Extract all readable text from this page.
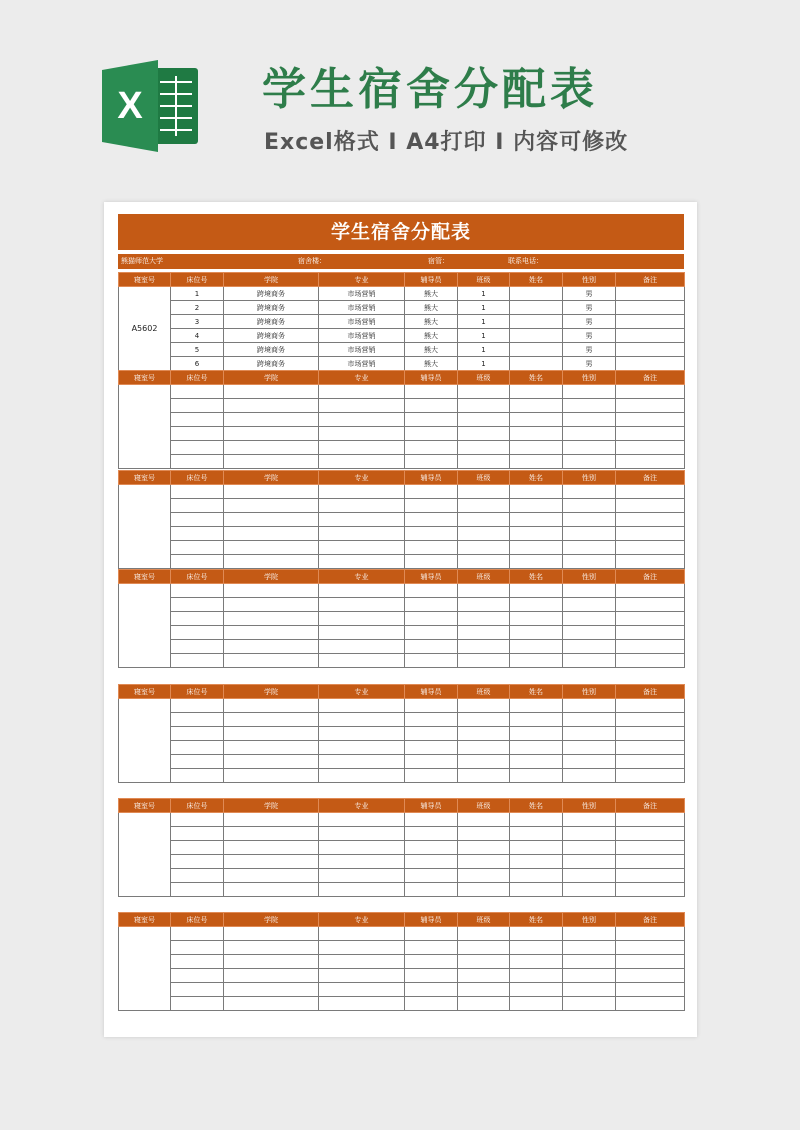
X	学生宿舍分配表
Excel格式 I A4打印 I 内容可修改
学生宿舍分配表
熊猫师范大学	宿舍楼：	宿管：	联系电话：
寝室号	床位号	学院	专业	辅导员	班级	姓名	性别	备注
A5602	1	跨境商务	市场营销	熊大	1		男	
	2	跨境商务	市场营销	熊大	1		男	
	3	跨境商务	市场营销	熊大	1		男	
	4	跨境商务	市场营销	熊大	1		男	
	5	跨境商务	市场营销	熊大	1		男	
	6	跨境商务	市场营销	熊大	1		男	
寝室号	床位号	学院	专业	辅导员	班级	姓名	性别	备注

寝室号	床位号	学院	专业	辅导员	班级	姓名	性别	备注

寝室号	床位号	学院	专业	辅导员	班级	姓名	性别	备注

寝室号	床位号	学院	专业	辅导员	班级	姓名	性别	备注

寝室号	床位号	学院	专业	辅导员	班级	姓名	性别	备注

寝室号	床位号	学院	专业	辅导员	班级	姓名	性别	备注
